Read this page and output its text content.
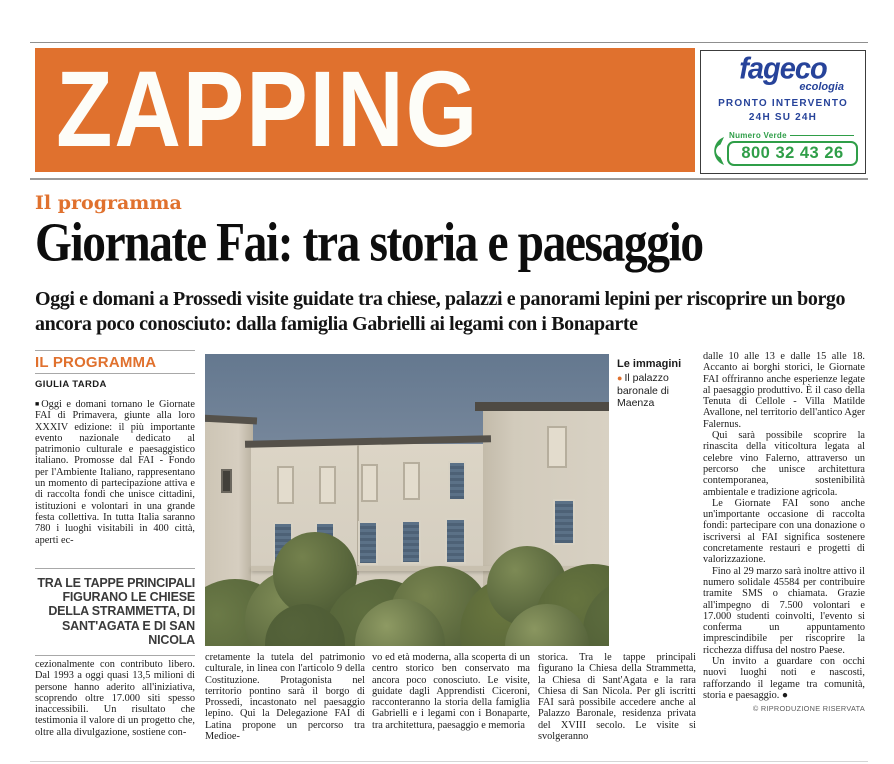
ZAPPING	fageco
ecologia
PRONTO INTERVENTO
24H SU 24H
Numero Verde
800 32 43 26
Il programma
Giornate Fai: tra storia e paesaggio
Oggi e domani a Prossedi visite guidate tra chiese, palazzi e panorami lepini per riscoprire un borgo ancora poco conosciuto: dalla famiglia Gabrielli ai legami con i Bonaparte
IL PROGRAMMA
GIULIA TARDA

■ Oggi e domani tornano le Giornate FAI di Primavera, giunte alla loro XXXIV edizione: il più importante evento nazionale dedicato al patrimonio culturale e paesaggistico italiano. Promosse dal FAI - Fondo per l'Ambiente Italiano, rappresentano un momento di partecipazione attiva e di raccolta fondi che unisce cittadini, istituzioni e volontari in una grande festa collettiva. In tutta Italia saranno 780 i luoghi visitabili in 400 città, aperti ec-

TRA LE TAPPE PRINCIPALI FIGURANO LE CHIESE DELLA STRAMMETTA, DI SANT'AGATA E DI SAN NICOLA

cezionalmente con contributo libero. Dal 1993 a oggi quasi 13,5 milioni di persone hanno aderito all'iniziativa, scoprendo oltre 17.000 siti spesso inaccessibili. Un risultato che testimonia il valore di un progetto che, oltre alla divulgazione, sostiene con-

Le immagini
● Il palazzo baronale di Maenza

cretamente la tutela del patrimonio culturale, in linea con l'articolo 9 della Costituzione. Protagonista nel territorio pontino sarà il borgo di Prossedi, incastonato nel paesaggio lepino. Qui la Delegazione FAI di Latina propone un percorso tra Medioe-

vo ed età moderna, alla scoperta di un centro storico ben conservato ma ancora poco conosciuto. Le visite, guidate dagli Apprendisti Ciceroni, racconteranno la storia della famiglia Gabrielli e i legami con i Bonaparte, tra architettura, paesaggio e memoria

storica. Tra le tappe principali figurano la Chiesa della Strammetta, la Chiesa di Sant'Agata e la rara Chiesa di San Nicola. Per gli iscritti FAI sarà possibile accedere anche al Palazzo Baronale, residenza privata del XVIII secolo. Le visite si svolgeranno

dalle 10 alle 13 e dalle 15 alle 18. Accanto ai borghi storici, le Giornate FAI offriranno anche esperienze legate al paesaggio produttivo. È il caso della Tenuta di Cellole - Villa Matilde Avallone, nel territorio dell'antico Ager Falernus.

Qui sarà possibile scoprire la rinascita della viticoltura legata al celebre vino Falerno, attraverso un percorso che unisce architettura contemporanea, sostenibilità ambientale e tradizione agricola.

Le Giornate FAI sono anche un'importante occasione di raccolta fondi: partecipare con una donazione o iscriversi al FAI significa sostenere concretamente restauri e progetti di valorizzazione.

Fino al 29 marzo sarà inoltre attivo il numero solidale 45584 per contribuire tramite SMS o chiamata. Grazie all'impegno di 7.500 volontari e 17.000 studenti coinvolti, l'evento si conferma un appuntamento imprescindibile per riscoprire la ricchezza diffusa del nostro Paese.

Un invito a guardare con occhi nuovi luoghi noti e nascosti, rafforzando il legame tra comunità, storia e paesaggio. ●

© RIPRODUZIONE RISERVATA
